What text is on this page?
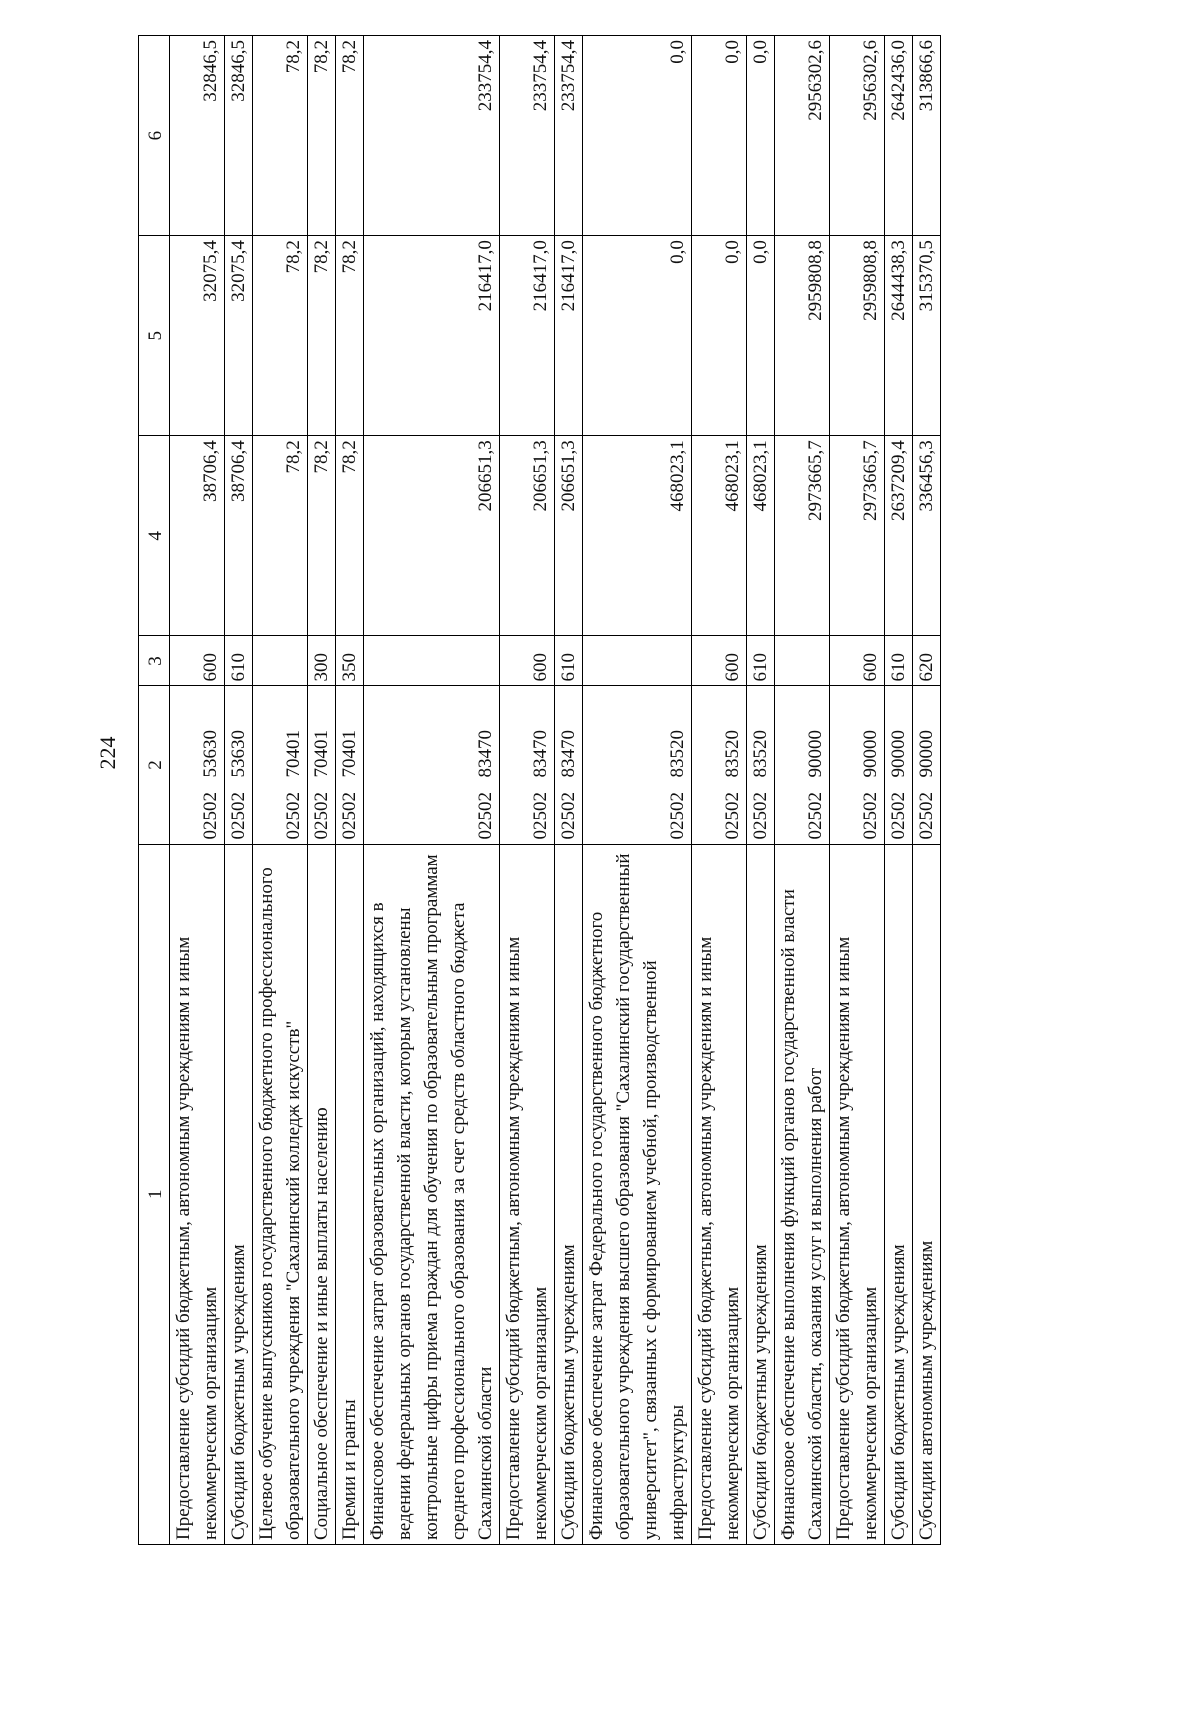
224
1	2	3	4	5	6
Предоставление субсидий бюджетным, автономным учреждениям и иным некоммерческим организациям	0250253630	600	38706,4	32075,4	32846,5
Субсидии бюджетным учреждениям	0250253630	610	38706,4	32075,4	32846,5
Целевое обучение выпускников государственного бюджетного профессионального образовательного учреждения "Сахалинский колледж искусств"	0250270401		78,2	78,2	78,2
Социальное обеспечение и иные выплаты населению	0250270401	300	78,2	78,2	78,2
Премии и гранты	0250270401	350	78,2	78,2	78,2
Финансовое обеспечение затрат образовательных организаций, находящихся в ведении федеральных органов государственной власти, которым установлены контрольные цифры приема граждан для обучения по образовательным программам среднего профессионального образования за счет средств областного бюджета Сахалинской области	0250283470		206651,3	216417,0	233754,4
Предоставление субсидий бюджетным, автономным учреждениям и иным некоммерческим организациям	0250283470	600	206651,3	216417,0	233754,4
Субсидии бюджетным учреждениям	0250283470	610	206651,3	216417,0	233754,4
Финансовое обеспечение затрат Федерального государственного бюджетного образовательного учреждения высшего образования "Сахалинский государственный университет", связанных с формированием учебной, производственной инфраструктуры	0250283520		468023,1	0,0	0,0
Предоставление субсидий бюджетным, автономным учреждениям и иным некоммерческим организациям	0250283520	600	468023,1	0,0	0,0
Субсидии бюджетным учреждениям	0250283520	610	468023,1	0,0	0,0
Финансовое обеспечение выполнения функций органов государственной власти Сахалинской области, оказания услуг и выполнения работ	0250290000		2973665,7	2959808,8	2956302,6
Предоставление субсидий бюджетным, автономным учреждениям и иным некоммерческим организациям	0250290000	600	2973665,7	2959808,8	2956302,6
Субсидии бюджетным учреждениям	0250290000	610	2637209,4	2644438,3	2642436,0
Субсидии автономным учреждениям	0250290000	620	336456,3	315370,5	313866,6
